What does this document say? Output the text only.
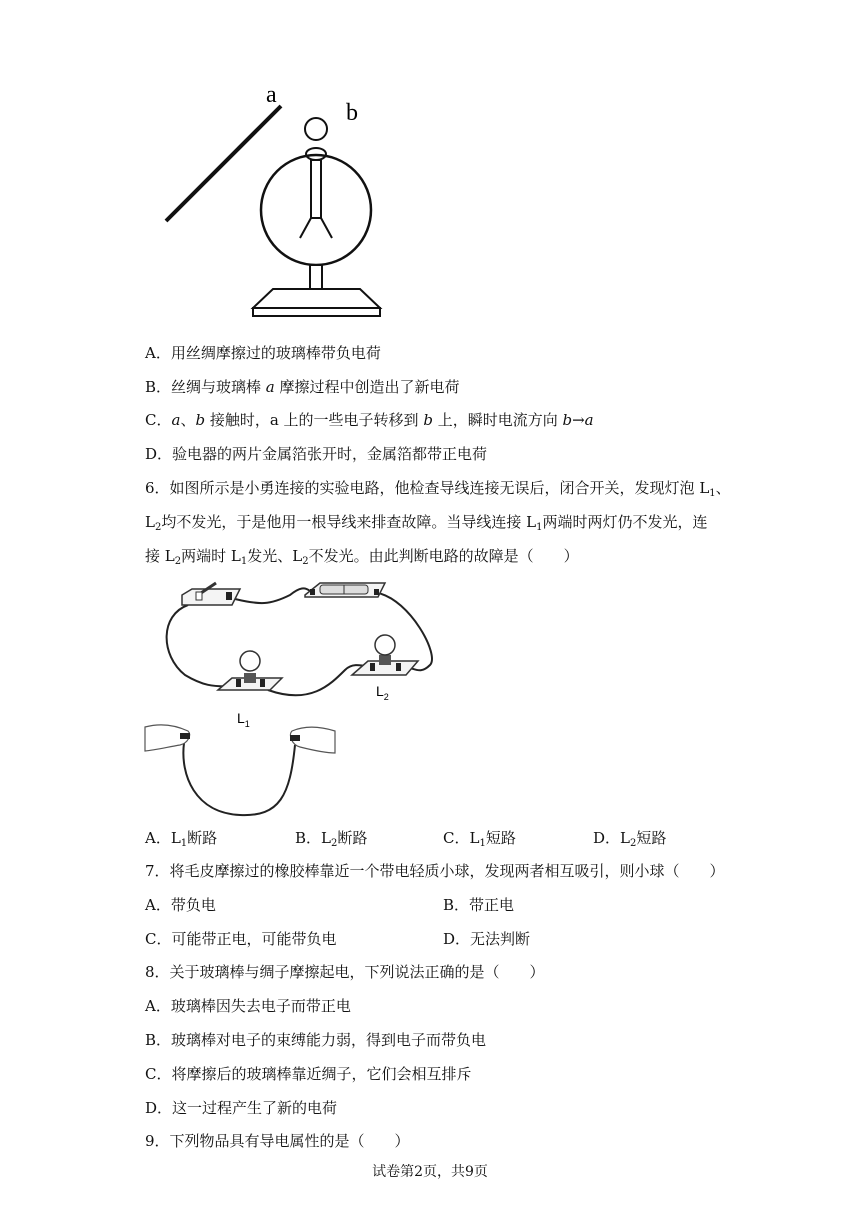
a
b
A．用丝绸摩擦过的玻璃棒带负电荷
B．丝绸与玻璃棒 a 摩擦过程中创造出了新电荷
C．a、b 接触时，a 上的一些电子转移到 b 上，瞬时电流方向 b→a
D．验电器的两片金属箔张开时，金属箔都带正电荷
6．如图所示是小勇连接的实验电路，他检查导线连接无误后，闭合开关，发现灯泡 $L_1$、
$L_2$均不发光，于是他用一根导线来排查故障。当导线连接 $L_1$两端时两灯仍不发光，连
接 $L_2$两端时 $L_1$发光、$L_2$不发光。由此判断电路的故障是（　　）
$L_1$
$L_2$
A．$L_1$断路	B．$L_2$断路	C．$L_1$短路	D．$L_2$短路
7．将毛皮摩擦过的橡胶棒靠近一个带电轻质小球，发现两者相互吸引，则小球（　　）
A．带负电	B．带正电
C．可能带正电，可能带负电	D．无法判断
8．关于玻璃棒与绸子摩擦起电，下列说法正确的是（　　）
A．玻璃棒因失去电子而带正电
B．玻璃棒对电子的束缚能力弱，得到电子而带负电
C．将摩擦后的玻璃棒靠近绸子，它们会相互排斥
D．这一过程产生了新的电荷
9．下列物品具有导电属性的是（　　）
试卷第2页，共9页
